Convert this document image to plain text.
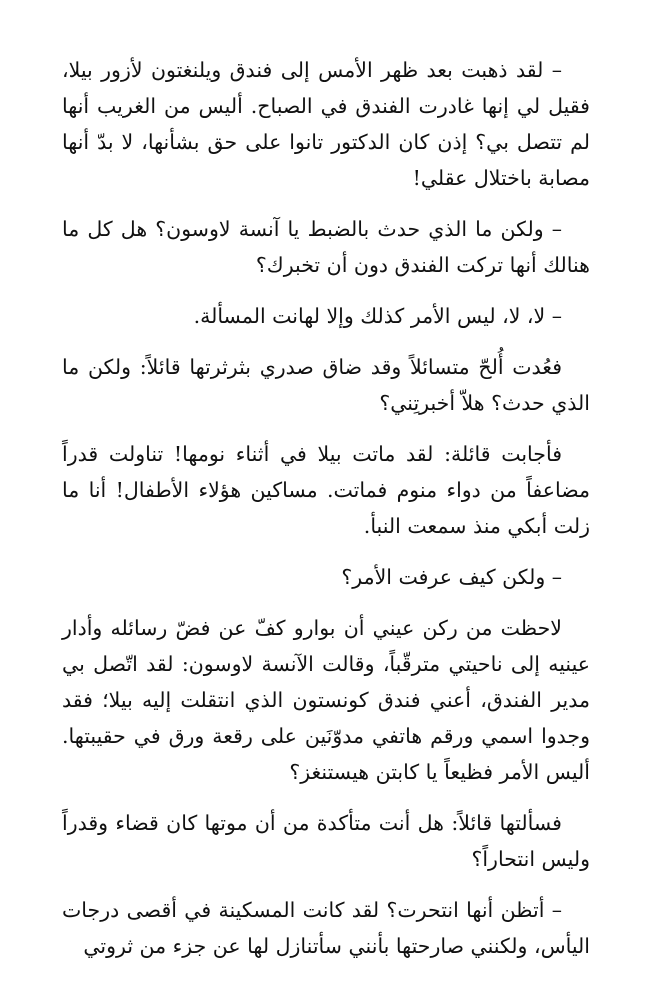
– لقد ذهبت بعد ظهر الأمس إلى فندق ويلنغتون لأزور بيلا، فقيل لي إنها غادرت الفندق في الصباح. أليس من الغريب أنها لم تتصل بي؟ إذن كان الدكتور تانوا على حق بشأنها، لا بدّ أنها مصابة باختلال عقلي!

– ولكن ما الذي حدث بالضبط يا آنسة لاوسون؟ هل كل ما هنالك أنها تركت الفندق دون أن تخبرك؟

– لا، لا، ليس الأمر كذلك وإلا لهانت المسألة.

فعُدت أُلحّ متسائلاً وقد ضاق صدري بثرثرتها قائلاً: ولكن ما الذي حدث؟ هلاّ أخبرتِني؟

فأجابت قائلة: لقد ماتت بيلا في أثناء نومها! تناولت قدراً مضاعفاً من دواء منوم فماتت. مساكين هؤلاء الأطفال! أنا ما زلت أبكي منذ سمعت النبأ.

– ولكن كيف عرفت الأمر؟

لاحظت من ركن عيني أن بوارو كفّ عن فضّ رسائله وأدار عينيه إلى ناحيتي مترقّباً، وقالت الآنسة لاوسون: لقد اتّصل بي مدير الفندق، أعني فندق كونستون الذي انتقلت إليه بيلا؛ فقد وجدوا اسمي ورقم هاتفي مدوّنَين على رقعة ورق في حقيبتها. أليس الأمر فظيعاً يا كابتن هيستنغز؟

فسألتها قائلاً: هل أنت متأكدة من أن موتها كان قضاء وقدراً وليس انتحاراً؟

– أتظن أنها انتحرت؟ لقد كانت المسكينة في أقصى درجات اليأس، ولكنني صارحتها بأنني سأتنازل لها عن جزء من ثروتي
